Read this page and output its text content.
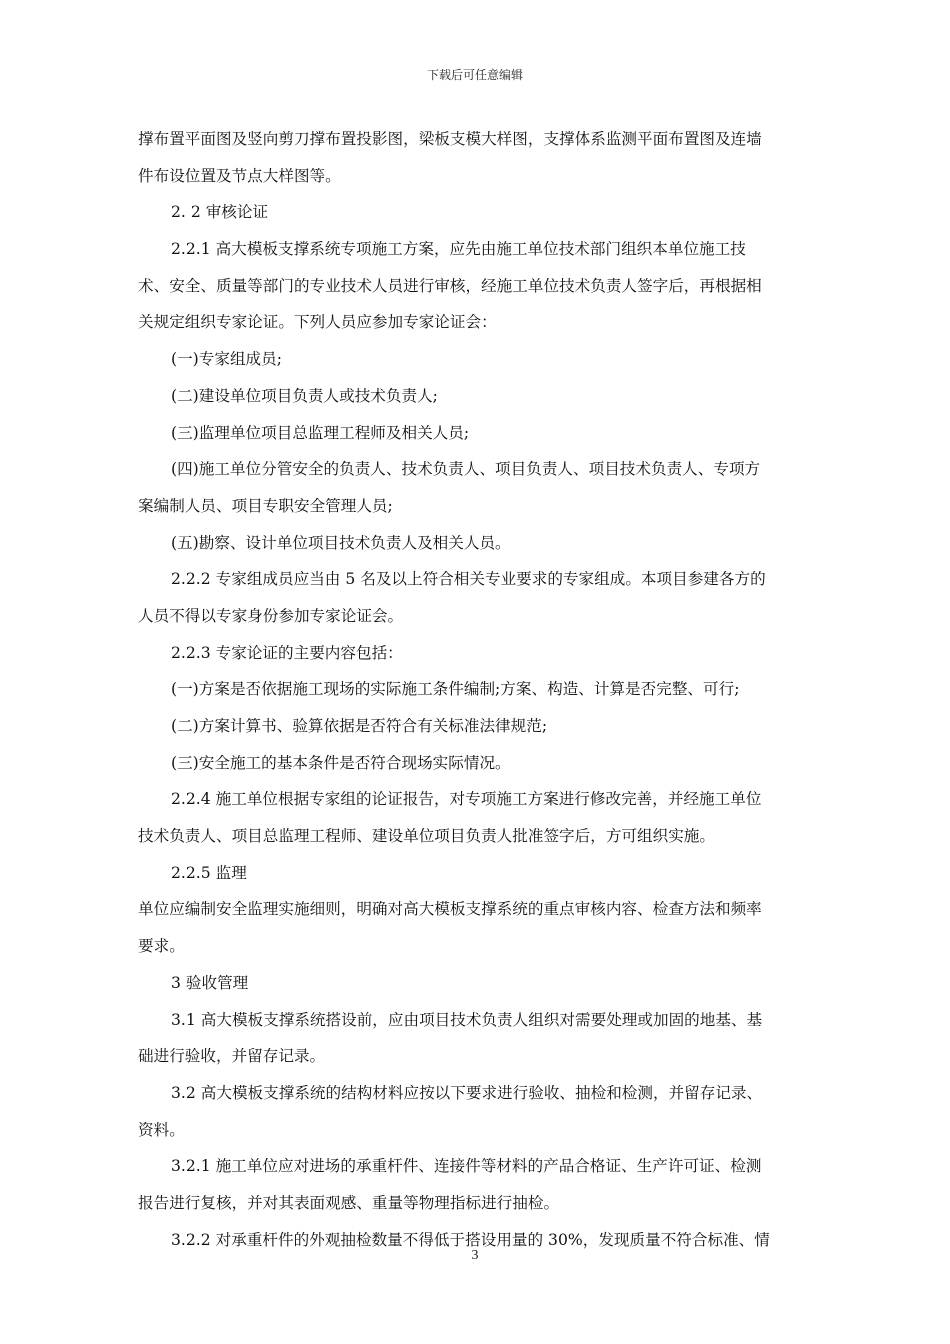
下载后可任意编辑
撑布置平面图及竖向剪刀撑布置投影图，梁板支模大样图，支撑体系监测平面布置图及连墙
件布设位置及节点大样图等。
2. 2 审核论证
2.2.1 高大模板支撑系统专项施工方案，应先由施工单位技术部门组织本单位施工技
术、安全、质量等部门的专业技术人员进行审核，经施工单位技术负责人签字后，再根据相
关规定组织专家论证。下列人员应参加专家论证会：
(一)专家组成员;
(二)建设单位项目负责人或技术负责人;
(三)监理单位项目总监理工程师及相关人员;
(四)施工单位分管安全的负责人、技术负责人、项目负责人、项目技术负责人、专项方
案编制人员、项目专职安全管理人员;
(五)勘察、设计单位项目技术负责人及相关人员。
2.2.2 专家组成员应当由 5 名及以上符合相关专业要求的专家组成。本项目参建各方的
人员不得以专家身份参加专家论证会。
2.2.3 专家论证的主要内容包括：
(一)方案是否依据施工现场的实际施工条件编制;方案、构造、计算是否完整、可行;
(二)方案计算书、验算依据是否符合有关标准法律规范;
(三)安全施工的基本条件是否符合现场实际情况。
2.2.4 施工单位根据专家组的论证报告，对专项施工方案进行修改完善，并经施工单位
技术负责人、项目总监理工程师、建设单位项目负责人批准签字后，方可组织实施。
2.2.5 监理
单位应编制安全监理实施细则，明确对高大模板支撑系统的重点审核内容、检查方法和频率
要求。
3 验收管理
3.1 高大模板支撑系统搭设前，应由项目技术负责人组织对需要处理或加固的地基、基
础进行验收，并留存记录。
3.2 高大模板支撑系统的结构材料应按以下要求进行验收、抽检和检测，并留存记录、
资料。
3.2.1 施工单位应对进场的承重杆件、连接件等材料的产品合格证、生产许可证、检测
报告进行复核，并对其表面观感、重量等物理指标进行抽检。
3.2.2 对承重杆件的外观抽检数量不得低于搭设用量的 30%，发现质量不符合标准、情
3
